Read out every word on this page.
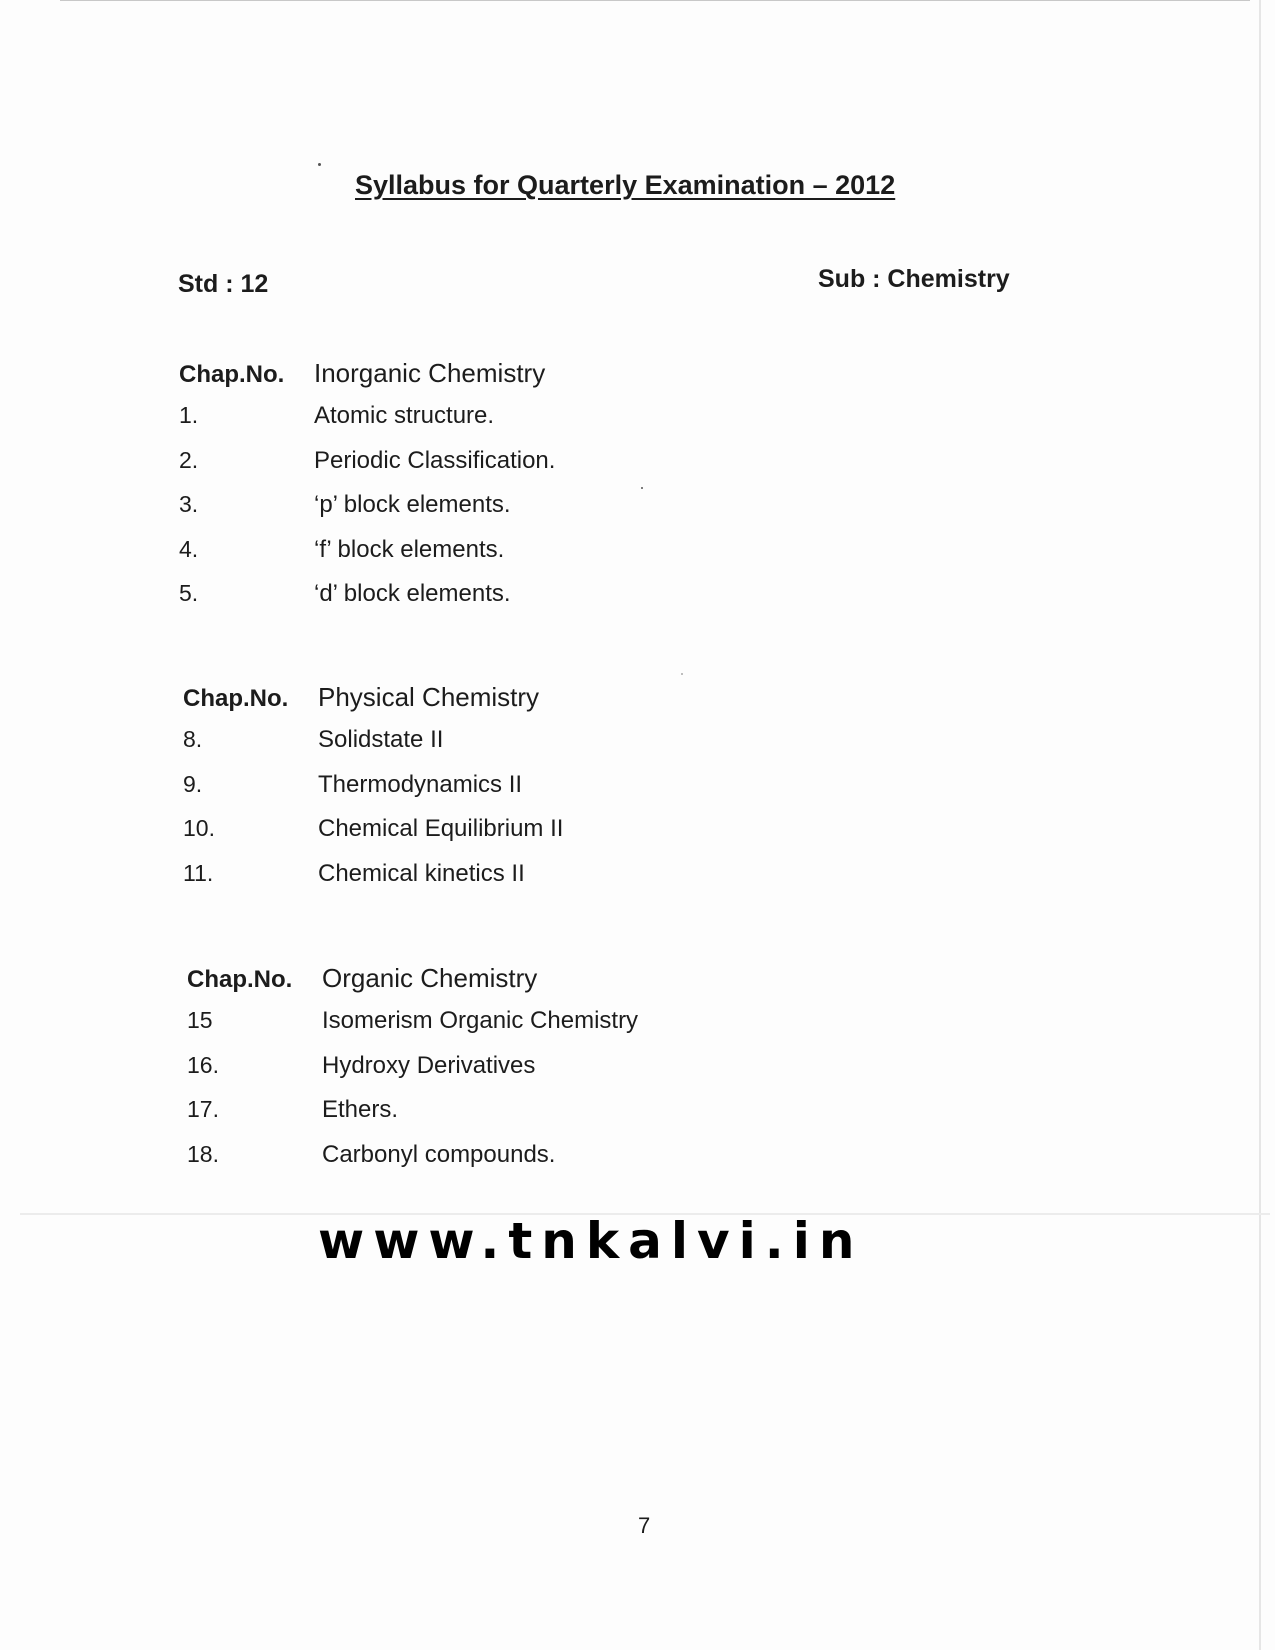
Syllabus for Quarterly Examination – 2012
Std : 12	Sub : Chemistry
Chap.No.	Inorganic Chemistry
1.	Atomic structure.
2.	Periodic Classification.
3.	‘p’ block elements.
4.	‘f’ block elements.
5.	‘d’ block elements.
Chap.No.	Physical Chemistry
8.	Solidstate II
9.	Thermodynamics II
10.	Chemical Equilibrium II
11.	Chemical kinetics II
Chap.No.	Organic Chemistry
15	Isomerism Organic Chemistry
16.	Hydroxy Derivatives
17.	Ethers.
18.	Carbonyl compounds.
www.tnkalvi.in
7
